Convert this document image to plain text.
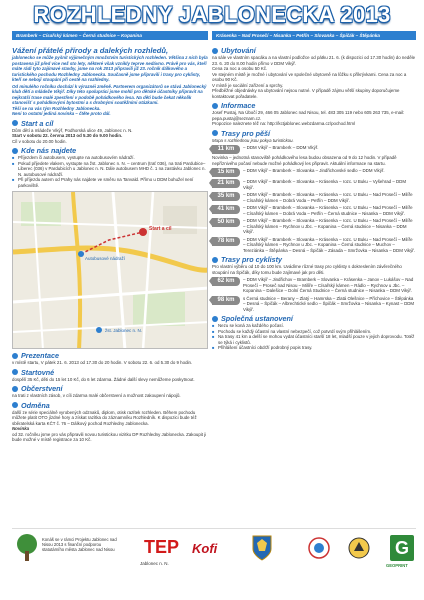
ROZHLEDNY JABLONECKA 2013
Bramberk – Císařský kámen – Černá studnice – Kopanina	Krásenka – Nad Prosečí – Nisanka – Petřín – Slovanka – Špičák – Štěpánka
Vážení přátelé přírody a dalekých rozhledů,
jablonecko se může pyšnit výjimečným množstvím turistických rozhleden. Většina z nich byla postavena již před více než sto lety, některé však vznikly teprve nedávno. Právě pro vás, kteří máte rádi tyto zajímavé stavby, jsme na rok 2013 připravili již 23. ročník dálkového a turistického pochodu Rozhledny Jablonecka. Současně jsme připravili i trasy pro cyklisty, kteří se nebojí stoupání při cestě na rozhledny.
Od minulého ročníku dochází k výraznéi změně. Partnerem organizátorů se stává Jablonecký klub dětí a mládeže Vikýř. Díky této spolupráci jsme mohli pro dětské účastníky připravit na nejkratší trase malé zpestření v podobě pohádkového lesa. Na děti bude čekat několik stanovišť s pohádkovými bytostmi a s drobnými soutěžními otázkami.
Těší se na vás tým Rozhledny Jablonecka.
Neni to ostatní jediná novinka – čtěte proto dál.
Start a cíl
Dům dětí a mládeže Vikýř, Podhorská ulice 49, Jablonec n. N.
Start v sobotu 22. června 2013 od 5.30 do 9.00 hodin.
Cíl v sobotu do 20.00 hodin.
Kde nás najdete
■ Příjezdem či autobusem, vystupte na autobusovém nádraží.
■ Pokud přijedete vlakem, vystupte na žst. Jablonec n. N. – centrum (trať 036), na trati Pardubice–Liberec (036) v Pardubicích u Jablonec n. N. Dále autobusem MHD č. 1 na zastávku Jablonec n. N. autobusové nádraží.
■ Při příjezdu autem od Prahy nás najdete ve směru na Tanvald. Přímo u DDM bohužel není parkoviště.
Start a cíl
Autobusové nádraží
žst. Jablonec n. N.
Prezentace
v místě startu, V pátek 21. 6. 2013 od 17.30 do 20 hodin. V sobotu 22. 6. od 5.30 do 9 hodin.
Startovné
dospělí 35 Kč, děti do 15 let 10 Kč, do 6 let zdarma. Žádné další slevy nemůžeme poskytnout.
Občerstvení
na trati z vlastních zásob, v cíli zdarma malé občerstvení a možnost zakoupení nápojů.
Odměna
další ze série speciálně vyrobených odznaků, diplom, otisk razítek rozhleden. Během pochodu můžete platit OTO jízdné hory a získat razítka do záznamníku Rozhledník. K dispozici bude též sběratelská karta KČT č. 76 – Dálkový pochod Rozhledny Jablonecka.
Novinka
od 32. ročníku jsme pro vás připravili novou turistickou vizitku DP Rozhledny Jablonecka. Zakoupit ji bude možné v místě registrace za 10 Kč.
Ubytování
na sále ve vlastním spacáku a na vlastní podložce od pátku 21. 6. (k dispozici od 17.30 hodin) do neděle 23. 6. 20 do 8.00 hodin přímo v DDM Vikýř.
Cena za noc a osobu 50 Kč.
Ve stejném místě je možné i ubytování ve společné ubytovně na lůžku s příkrývkami. Cena za noc a osobu 90 Kč.
V místě je sociální zařízení a sprchy.
Předběžné objednávky na ubytování nejsou nutné. V případě zájmu větší skupiny doporučujeme kontaktovat pořadatele.
Informace
Josef Pustaj, Na Úbočí 29, 466 05 Jablonec nad Nisou, tel. 483 305 119 nebo 605 263 735, e-mail: pepa.pustaj@seznam.cz.
Propozice naleznete též na: http://kctjablonec.webzdarma.cz/pochod.html
Trasy pro pěší
Mapa s rozhlednou jsou pokya turistickou.
11 km	– DDM Vikýř – Bramberk – DDM Vikýř.
Novinka – jednotná stanoviště pohádkového lesa budou obsazena od 9 do 12 hodin. V případě nepříznivého počasí nebude možné pohádkový les připravit. Aktuální informace na startu.
15 km	– DDM Vikýř – Bramberk – Slovanka – Jindřichovské sedlo – DDM Vikýř.
21 km	– DDM Vikýř – Bramberk – Slovanka – Krásenka – rozc. U Buku – Vyšehrad – DDM Vikýř.
35 km	– DDM Vikýř – Bramberk – Slovanka – Krásenka – rozc. U Buku – Nad Prosečí – Milíře – Císařský kámen – Dobrá Voda – Petřín – DDM Vikýř.
41 km	– DDM Vikýř – Bramberk – Slovanka – Krásenka – rozc. U Buku – Nad Prosečí – Milíře – Císařský kámen – Dobrá Voda – Petřín – Černá studnice – Nisanka – DDM Vikýř.
50 km	– DDM Vikýř – Bramberk – Slovanka – Krásenka – rozc. U Buku – Nad Prosečí – Milíře – Císařský kámen – Rychnov u Jbc. – Kopanina – Černá studnice – Nisanka – DDM Vikýř.
78 km	– DDM Vikýř – Bramberk – Slovanka – Krásenka – rozc. U Buku – Nad Prosečí – Milíře – Císařský kámen – Rychnov u Jbc. – Kopanina – Černá studnice – Muchov – Tereziánka – Štěpánka – Desná – Špičák – Zásada – Smržovka – Nisanka – DDM Vikýř.
Trasy pro cyklisty
Pro vlastní výběru od 10 do 100 km. Uvádíme různé trasy pro cyklisty s dokreslením závěrečného stoupání na Špičák, díky tomu bude zajímavé jak pro děti.
62 km	– DDM Vikýř – Jindřichov – Bramberk – Slovanka – Krásenka – Janov – Lukášov – Nad Prosečí – Proseč nad Nisou – Milíře – Císařský kámen – Rádlo – Rychnov u Jbc. – Kopanina – Dalešice – Dolní Černá Studnice – Černá studnice – Nisanka – DDM Vikýř.
98 km	s Černá studnice – Berany – Zlatý – Hamrska – Zlatá Olešnice – Příchovice – Štěpánka – Desná – Špičák – Albrechtické sedlo – Špičák – Smržovka – Nisanka – Kynast – DDM Vikýř.
Společná ustanovení
■ Nezu se koná za každého počasí.
■ Pochodu se každý účastní na vlastní nebezpečí, což potvrdí svým přihlášením.
■ Na trasy 41 km a delší se mohou vydat účastníci starší 18 let, mladší pouze v jejich doprovodu. Totéž se týká i cyklistů.
■ Přihlášení účastníci obdrží podrobný popis trasy.
Konáš se v rámci Projektu Jablonec nad Nisou 2013 s finanční podporou statutárního města Jablonec nad Nisou	TEP
Jablonec n. N.
Kofi	G
GEOPRINT
